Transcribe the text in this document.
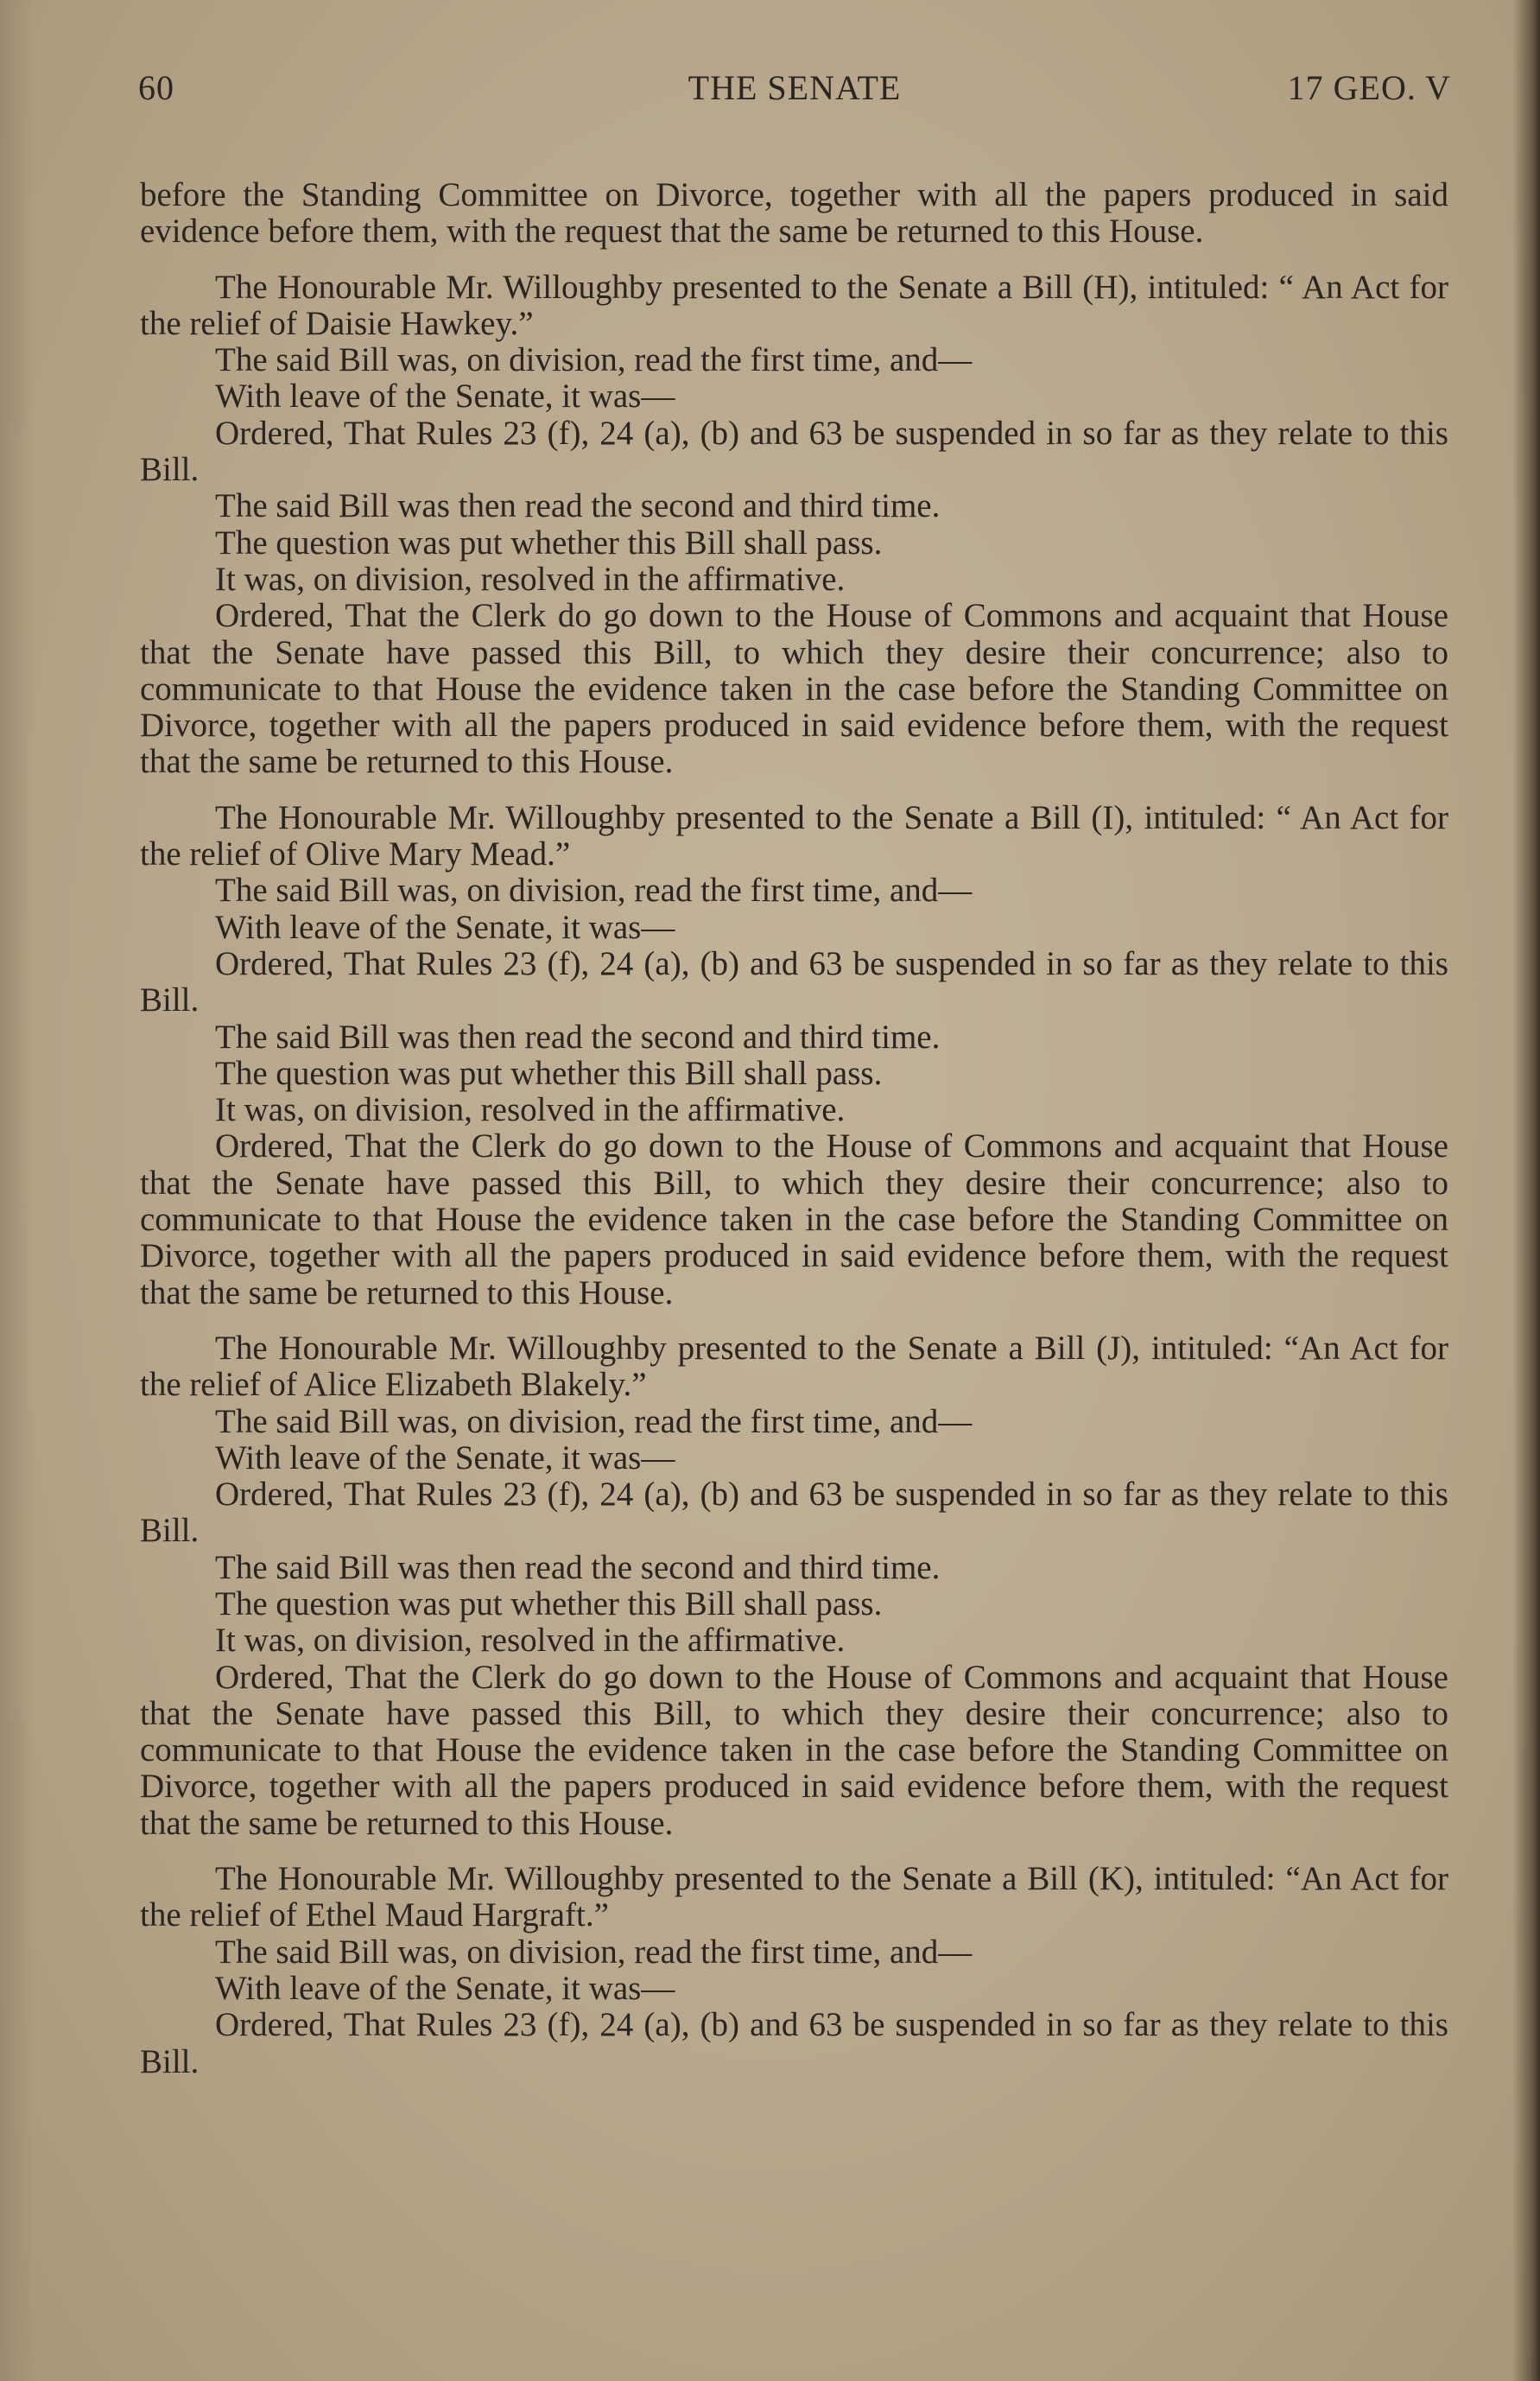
THE SENATE
60	17 GEO. V

before the Standing Committee on Divorce, together with all the papers produced in said evidence before them, with the request that the same be returned to this House.

The Honourable Mr. Willoughby presented to the Senate a Bill (H), intituled: “ An Act for the relief of Daisie Hawkey.”

The said Bill was, on division, read the first time, and—

With leave of the Senate, it was—

Ordered, That Rules 23 (f), 24 (a), (b) and 63 be suspended in so far as they relate to this Bill.

The said Bill was then read the second and third time.

The question was put whether this Bill shall pass.

It was, on division, resolved in the affirmative.

Ordered, That the Clerk do go down to the House of Commons and acquaint that House that the Senate have passed this Bill, to which they desire their concurrence; also to communicate to that House the evidence taken in the case before the Standing Committee on Divorce, together with all the papers produced in said evidence before them, with the request that the same be returned to this House.

The Honourable Mr. Willoughby presented to the Senate a Bill (I), intituled: “ An Act for the relief of Olive Mary Mead.”

The said Bill was, on division, read the first time, and—

With leave of the Senate, it was—

Ordered, That Rules 23 (f), 24 (a), (b) and 63 be suspended in so far as they relate to this Bill.

The said Bill was then read the second and third time.

The question was put whether this Bill shall pass.

It was, on division, resolved in the affirmative.

Ordered, That the Clerk do go down to the House of Commons and acquaint that House that the Senate have passed this Bill, to which they desire their concurrence; also to communicate to that House the evidence taken in the case before the Standing Committee on Divorce, together with all the papers produced in said evidence before them, with the request that the same be returned to this House.

The Honourable Mr. Willoughby presented to the Senate a Bill (J), intituled: “An Act for the relief of Alice Elizabeth Blakely.”

The said Bill was, on division, read the first time, and—

With leave of the Senate, it was—

Ordered, That Rules 23 (f), 24 (a), (b) and 63 be suspended in so far as they relate to this Bill.

The said Bill was then read the second and third time.

The question was put whether this Bill shall pass.

It was, on division, resolved in the affirmative.

Ordered, That the Clerk do go down to the House of Commons and acquaint that House that the Senate have passed this Bill, to which they desire their concurrence; also to communicate to that House the evidence taken in the case before the Standing Committee on Divorce, together with all the papers produced in said evidence before them, with the request that the same be returned to this House.

The Honourable Mr. Willoughby presented to the Senate a Bill (K), intituled: “An Act for the relief of Ethel Maud Hargraft.”

The said Bill was, on division, read the first time, and—

With leave of the Senate, it was—

Ordered, That Rules 23 (f), 24 (a), (b) and 63 be suspended in so far as they relate to this Bill.
